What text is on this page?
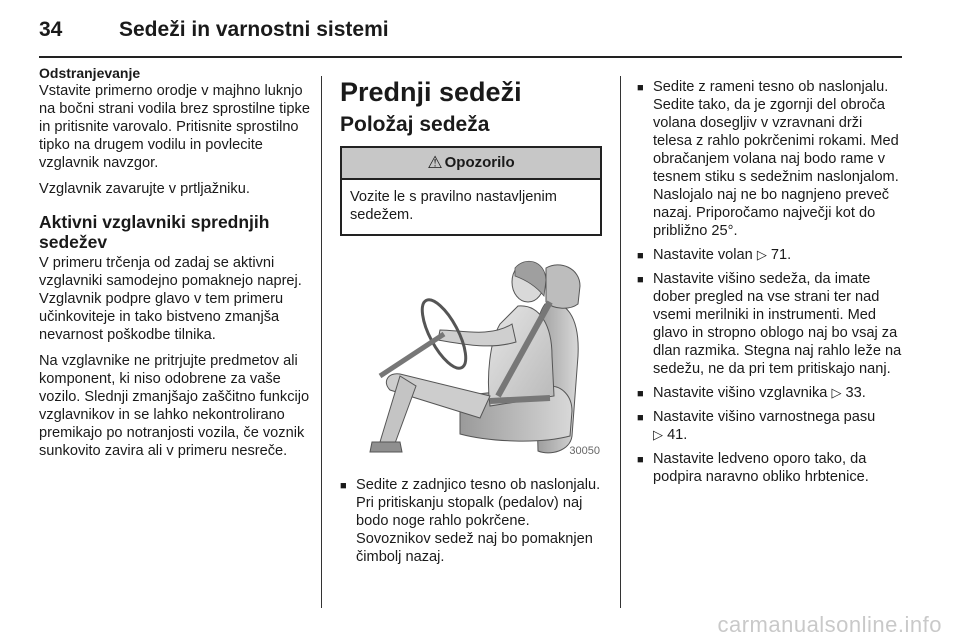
34	Sedeži in varnostni sistemi
Odstranjevanje

Vstavite primerno orodje v majhno luknjo na bočni strani vodila brez sprostilne tipke in pritisnite varovalo. Pritisnite sprostilno tipko na drugem vodilu in povlecite vzglavnik navzgor.

Vzglavnik zavarujte v prtljažniku.

Aktivni vzglavniki sprednjih sedežev

V primeru trčenja od zadaj se aktivni vzglavniki samodejno pomaknejo naprej. Vzglavnik podpre glavo v tem primeru učinkoviteje in tako bistveno zmanjša nevarnost poškodbe tilnika.

Na vzglavnike ne pritrjujte predmetov ali komponent, ki niso odobrene za vaše vozilo. Slednji zmanjšajo zaščitno funkcijo vzglavnikov in se lahko nekontrolirano premikajo po notranjosti vozila, če voznik sunkovito zavira ali v primeru nesreče.

Prednji sedeži
Položaj sedeža
⚠ Opozorilo
Vozite le s pravilno nastavljenim sedežem.
30050
■ Sedite z zadnjico tesno ob naslonjalu. Pri pritiskanju stopalk (pedalov) naj bodo noge rahlo pokrčene. Sovoznikov sedež naj bo pomaknjen čimbolj nazaj.
■ Sedite z rameni tesno ob naslonjalu. Sedite tako, da je zgornji del obroča volana dosegljiv v vzravnani drži telesa z rahlo pokrčenimi rokami. Med obračanjem volana naj bodo rame v tesnem stiku s sedežnim naslonjalom. Naslojalo naj ne bo nagnjeno preveč nazaj. Priporočamo največji kot do približno 25°.
■ Nastavite volan ▷ 71.
■ Nastavite višino sedeža, da imate dober pregled na vse strani ter nad vsemi merilniki in instrumenti. Med glavo in stropno oblogo naj bo vsaj za dlan razmika. Stegna naj rahlo leže na sedežu, ne da pri tem pritiskajo nanj.
■ Nastavite višino vzglavnika ▷ 33.
■ Nastavite višino varnostnega pasu
▷ 41.
■ Nastavite ledveno oporo tako, da podpira naravno obliko hrbtenice.
carmanualsonline.info
